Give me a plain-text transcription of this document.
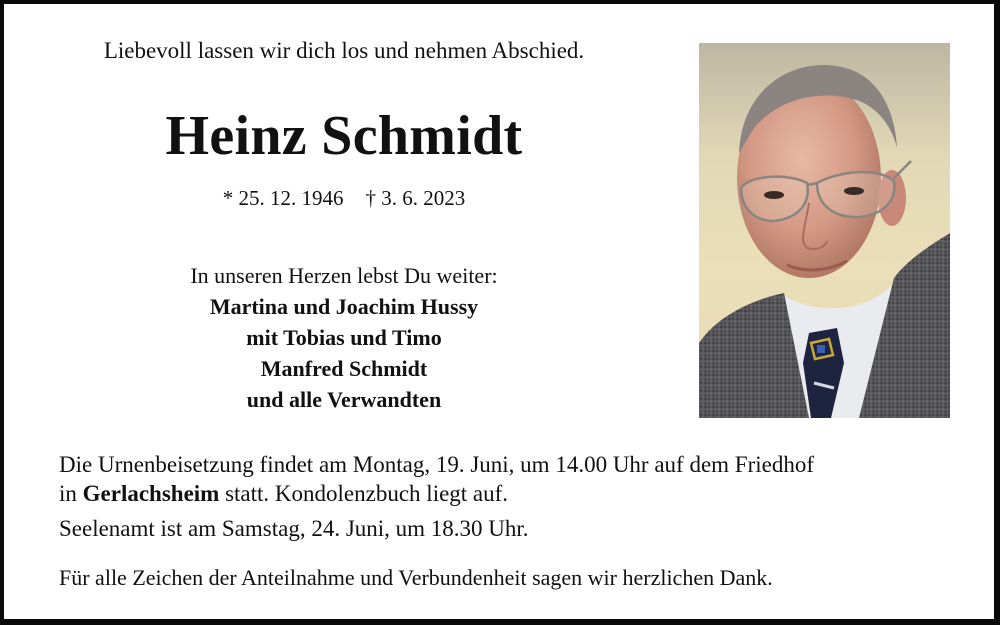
Liebevoll lassen wir dich los und nehmen Abschied.
Heinz Schmidt
* 25. 12. 1946 † 3. 6. 2023
In unseren Herzen lebst Du weiter:
Martina und Joachim Hussy
mit Tobias und Timo
Manfred Schmidt
und alle Verwandten
Die Urnenbeisetzung findet am Montag, 19. Juni, um 14.00 Uhr auf dem Friedhof
in Gerlachsheim statt. Kondolenzbuch liegt auf.
Seelenamt ist am Samstag, 24. Juni, um 18.30 Uhr.
Für alle Zeichen der Anteilnahme und Verbundenheit sagen wir herzlichen Dank.
